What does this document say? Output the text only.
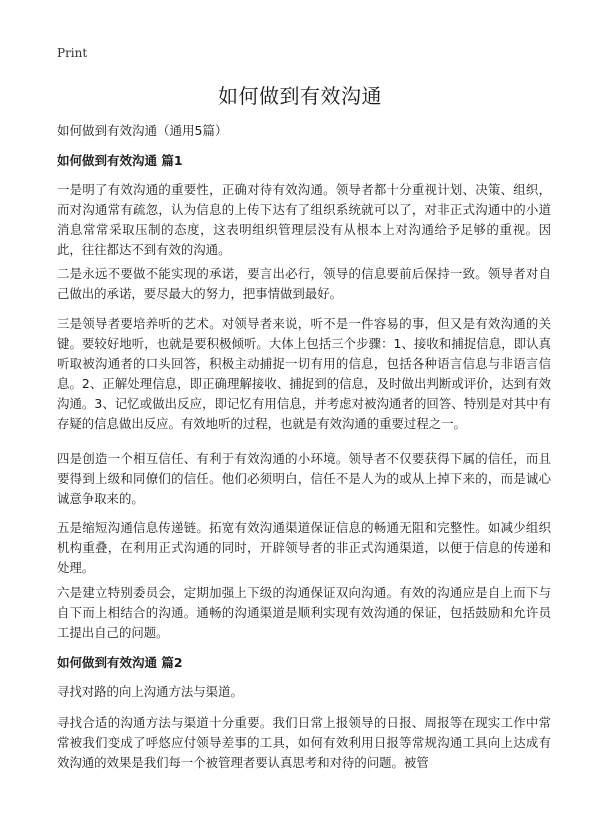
Print
如何做到有效沟通
如何做到有效沟通（通用5篇）
如何做到有效沟通 篇1

一是明了有效沟通的重要性，正确对待有效沟通。领导者都十分重视计划、决策、组织，而对沟通常有疏忽，认为信息的上传下达有了组织系统就可以了，对非正式沟通中的小道消息常常采取压制的态度，这表明组织管理层没有从根本上对沟通给予足够的重视。因此，往往都达不到有效的沟通。

二是永远不要做不能实现的承诺，要言出必行，领导的信息要前后保持一致。领导者对自己做出的承诺，要尽最大的努力，把事情做到最好。

三是领导者要培养听的艺术。对领导者来说，听不是一件容易的事，但又是有效沟通的关键。要较好地听，也就是要积极倾听。大体上包括三个步骤：1、接收和捕捉信息，即认真听取被沟通者的口头回答，积极主动捕捉一切有用的信息，包括各种语言信息与非语言信息。2、正解处理信息，即正确理解接收、捕捉到的信息，及时做出判断或评价，达到有效沟通。3、记忆或做出反应，即记忆有用信息，并考虑对被沟通者的回答、特别是对其中有存疑的信息做出反应。有效地听的过程，也就是有效沟通的重要过程之一。

四是创造一个相互信任、有利于有效沟通的小环境。领导者不仅要获得下属的信任，而且要得到上级和同僚们的信任。他们必须明白，信任不是人为的或从上掉下来的，而是诚心诚意争取来的。

五是缩短沟通信息传递链。拓宽有效沟通渠道保证信息的畅通无阻和完整性。如减少组织机构重叠，在利用正式沟通的同时，开辟领导者的非正式沟通渠道，以便于信息的传递和处理。

六是建立特别委员会，定期加强上下级的沟通保证双向沟通。有效的沟通应是自上而下与自下而上相结合的沟通。通畅的沟通渠道是顺利实现有效沟通的保证，包括鼓励和允许员工提出自己的问题。

如何做到有效沟通 篇2

寻找对路的向上沟通方法与渠道。

寻找合适的沟通方法与渠道十分重要。我们日常上报领导的日报、周报等在现实工作中常常被我们变成了呼悠应付领导差事的工具，如何有效利用日报等常规沟通工具向上达成有效沟通的效果是我们每一个被管理者要认真思考和对待的问题。被管
